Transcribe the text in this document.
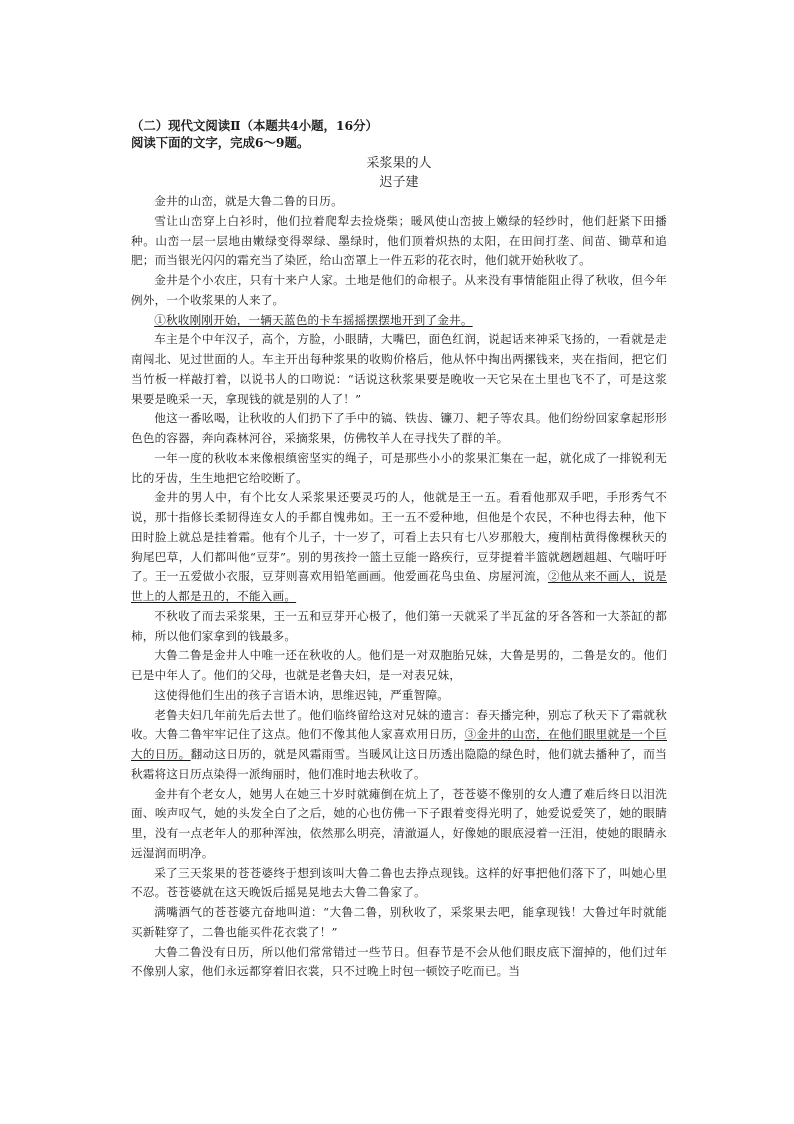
（二）现代文阅读Ⅱ（本题共4小题，16分）
阅读下面的文字，完成6～9题。
采浆果的人
迟子建

金井的山峦，就是大鲁二鲁的日历。

雪让山峦穿上白衫时，他们拉着爬犁去捡烧柴；暖风使山峦披上嫩绿的轻纱时，他们赶紧下田播种。山峦一层一层地由嫩绿变得翠绿、墨绿时，他们顶着炽热的太阳，在田间打垄、间苗、锄草和追肥；而当银光闪闪的霜充当了染匠，给山峦罩上一件五彩的花衣时，他们就开始秋收了。

金井是个小农庄，只有十来户人家。土地是他们的命根子。从来没有事情能阻止得了秋收，但今年例外，一个收浆果的人来了。

①秋收刚刚开始，一辆天蓝色的卡车摇摇摆摆地开到了金井。

车主是个中年汉子，高个，方脸，小眼睛，大嘴巴，面色红润，说起话来神采飞扬的，一看就是走南闯北、见过世面的人。车主开出每种浆果的收购价格后，他从怀中掏出两摞钱来，夹在指间，把它们当竹板一样敲打着，以说书人的口吻说：“话说这秋浆果要是晚收一天它呆在土里也飞不了，可是这浆果要是晚采一天，拿现钱的就是别的人了！”

他这一番吆喝，让秋收的人们扔下了手中的镐、铁齿、镰刀、耙子等农具。他们纷纷回家拿起形形色色的容器，奔向森林河谷，采摘浆果，仿佛牧羊人在寻找失了群的羊。

一年一度的秋收本来像根缜密坚实的绳子，可是那些小小的浆果汇集在一起，就化成了一排锐利无比的牙齿，生生地把它给咬断了。

金井的男人中，有个比女人采浆果还要灵巧的人，他就是王一五。看看他那双手吧，手形秀气不说，那十指修长柔韧得连女人的手都自愧弗如。王一五不爱种地，但他是个农民，不种也得去种，他下田时脸上就总是挂着霜。他有个儿子，十一岁了，可看上去只有七八岁那般大，瘦削枯黄得像棵秋天的狗尾巴草，人们都叫他“豆芽”。别的男孩拎一篮土豆能一路疾行，豆芽提着半篮就趔趔趄趄、气喘吁吁了。王一五爱做小衣服，豆芽则喜欢用铅笔画画。他爱画花鸟虫鱼、房屋河流，②他从来不画人，说是世上的人都是丑的，不能入画。

不秋收了而去采浆果，王一五和豆芽开心极了，他们第一天就采了半瓦盆的牙各答和一大茶缸的都柿，所以他们家拿到的钱最多。

大鲁二鲁是金井人中唯一还在秋收的人。他们是一对双胞胎兄妹，大鲁是男的，二鲁是女的。他们已是中年人了。他们的父母，也就是老鲁夫妇，是一对表兄妹，

这使得他们生出的孩子言语木讷，思维迟钝，严重智障。

老鲁夫妇几年前先后去世了。他们临终留给这对兄妹的遗言：春天播完种，别忘了秋天下了霜就秋收。大鲁二鲁牢牢记住了这点。他们不像其他人家喜欢用日历，③金井的山峦，在他们眼里就是一个巨大的日历。翻动这日历的，就是风霜雨雪。当暖风让这日历透出隐隐的绿色时，他们就去播种了，而当秋霜将这日历点染得一派绚丽时，他们准时地去秋收了。

金井有个老女人，她男人在她三十岁时就瘫倒在炕上了，苍苍婆不像别的女人遭了难后终日以泪洗面、唉声叹气，她的头发全白了之后，她的心也仿佛一下子跟着变得光明了，她爱说爱笑了，她的眼睛里，没有一点老年人的那种浑浊，依然那么明亮，清澈逼人，好像她的眼底浸着一汪泪，使她的眼睛永远湿润而明净。

采了三天浆果的苍苍婆终于想到该叫大鲁二鲁也去挣点现钱。这样的好事把他们落下了，叫她心里不忍。苍苍婆就在这天晚饭后摇晃晃地去大鲁二鲁家了。

满嘴酒气的苍苍婆亢奋地叫道：“大鲁二鲁，别秋收了，采浆果去吧，能拿现钱！大鲁过年时就能买新鞋穿了，二鲁也能买件花衣裳了！”

大鲁二鲁没有日历，所以他们常常错过一些节日。但春节是不会从他们眼皮底下溜掉的，他们过年不像别人家，他们永远都穿着旧衣裳，只不过晚上时包一顿饺子吃而已。当
